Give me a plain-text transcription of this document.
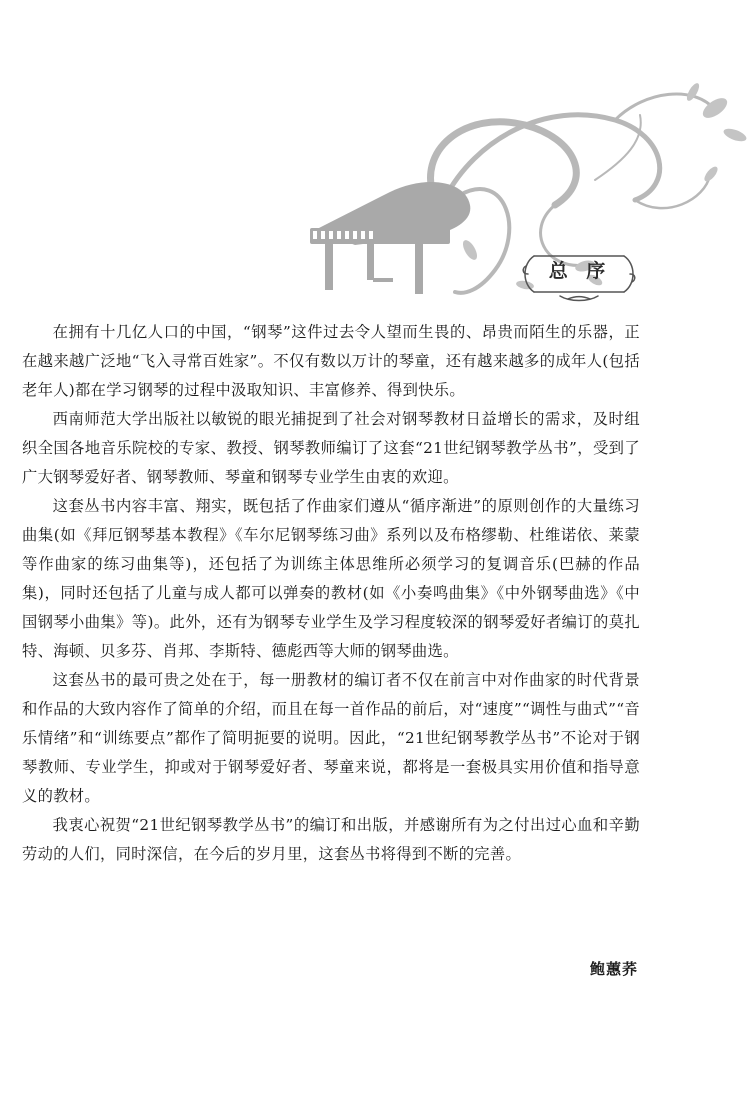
总 序

在拥有十几亿人口的中国，“钢琴”这件过去令人望而生畏的、昂贵而陌生的乐器，正在越来越广泛地“飞入寻常百姓家”。不仅有数以万计的琴童，还有越来越多的成年人(包括老年人)都在学习钢琴的过程中汲取知识、丰富修养、得到快乐。

西南师范大学出版社以敏锐的眼光捕捉到了社会对钢琴教材日益增长的需求，及时组织全国各地音乐院校的专家、教授、钢琴教师编订了这套“21世纪钢琴教学丛书”，受到了广大钢琴爱好者、钢琴教师、琴童和钢琴专业学生由衷的欢迎。

这套丛书内容丰富、翔实，既包括了作曲家们遵从“循序渐进”的原则创作的大量练习曲集(如《拜厄钢琴基本教程》《车尔尼钢琴练习曲》系列以及布格缪勒、杜维诺依、莱蒙等作曲家的练习曲集等)，还包括了为训练主体思维所必须学习的复调音乐(巴赫的作品集)，同时还包括了儿童与成人都可以弹奏的教材(如《小奏鸣曲集》《中外钢琴曲选》《中国钢琴小曲集》等)。此外，还有为钢琴专业学生及学习程度较深的钢琴爱好者编订的莫扎特、海顿、贝多芬、肖邦、李斯特、德彪西等大师的钢琴曲选。

这套丛书的最可贵之处在于，每一册教材的编订者不仅在前言中对作曲家的时代背景和作品的大致内容作了简单的介绍，而且在每一首作品的前后，对“速度”“调性与曲式”“音乐情绪”和“训练要点”都作了简明扼要的说明。因此，“21世纪钢琴教学丛书”不论对于钢琴教师、专业学生，抑或对于钢琴爱好者、琴童来说，都将是一套极具实用价值和指导意义的教材。

我衷心祝贺“21世纪钢琴教学丛书”的编订和出版，并感谢所有为之付出过心血和辛勤劳动的人们，同时深信，在今后的岁月里，这套丛书将得到不断的完善。

鲍蕙荞
